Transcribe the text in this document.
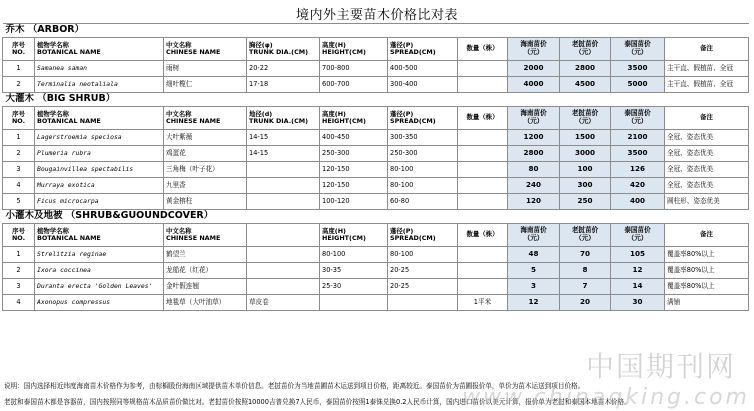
境内外主要苗木价格比对表
乔木 （ARBOR）										
序号
NO.	植物学名称
BOTANICAL NAME	中文名称
CHINESE NAME	胸径(φ)
TRUNK DIA.(CM)	高度(H)
HEIGHT(CM)	蓬径(P)
SPREAD(CM)	数量（株）	海南苗价
（元）	老挝苗价
（元）	泰国苗价
（元）	备注
1	Samanea saman	雨树	20-22	700-800	400-500		2000	2800	3500	主干直、假植苗、全冠
2	Terminalia neotaliala	细叶榄仁	17-18	600-700	300-400		4000	4500	5000	主干直、假植苗、全冠
大灌木 （BIG SHRUB）										
序号
NO.	植物学名称
BOTANICAL NAME	中文名称
CHINESE NAME	地径(d)
TRUNK DIA.(CM)	高度(H)
HEIGHT(CM)	蓬径(P)
SPREAD(CM)	数量（株）	海南苗价
（元）	老挝苗价
（元）	泰国苗价
（元）	备注
1	Lagerstroemia speciosa	大叶紫薇	14-15	400-450	300-350		1200	1500	2100	全冠、姿态优美
2	Plumeria rubra	鸡蛋花	14-15	250-300	250-300		2800	3000	3500	全冠、姿态优美
3	Bougainvillea spectabilis	三角梅（叶子花）		120-150	80-100		80	100	126	全冠、姿态优美
4	Murraya exotica	九里香		120-150	80-100		240	300	420	全冠、姿态优美
5	Ficus microcarpa	黄金榕柱		100-120	60-80		120	250	400	圆柱形、姿态优美
小灌木及地被 （SHRUB&GUOUNDCOVER）										
序号
NO.	植物学名称
BOTANICAL NAME	中文名称
CHINESE NAME		高度(H)
HEIGHT(CM)	蓬径(P)
SPREAD(CM)	数量（株）	海南苗价
（元）	老挝苗价
（元）	泰国苗价
（元）	备注
1	Strelitzia reginae	鹤望兰		80-100	80-100		48	70	105	覆盖率80%以上
2	Ixora coccinea	龙船花（红花）		30-35	20-25		5	8	12	覆盖率80%以上
3	Duranta erecta 'Golden Leaves'	金叶假连翘		25-30	20-25		3	7	14	覆盖率80%以上
4	Axonopus compressus	地毯草（大叶油草）	草皮卷			1平米	12	20	30	满铺
说明：国内选择相近纬度海南苗木价格作为参考，由棕榈股份海南区域提供苗木单价信息。老挝苗价为当地苗圃苗木运送到项目价格，距离较近。泰国苗价为苗圃报价单，单价为苗木运送到项目价格。
老挝和泰国苗木都是容器苗，国内按照同等规格苗木品质苗价做比对。老挝苗价按照10000吉普兑换7人民币，泰国苗价按照1泰铢兑换0.2人民币计算，国内进口苗价以美元计算，报价单为老挝和泰国本地苗木价格。
中国期刊网
www.chinaqking.com
